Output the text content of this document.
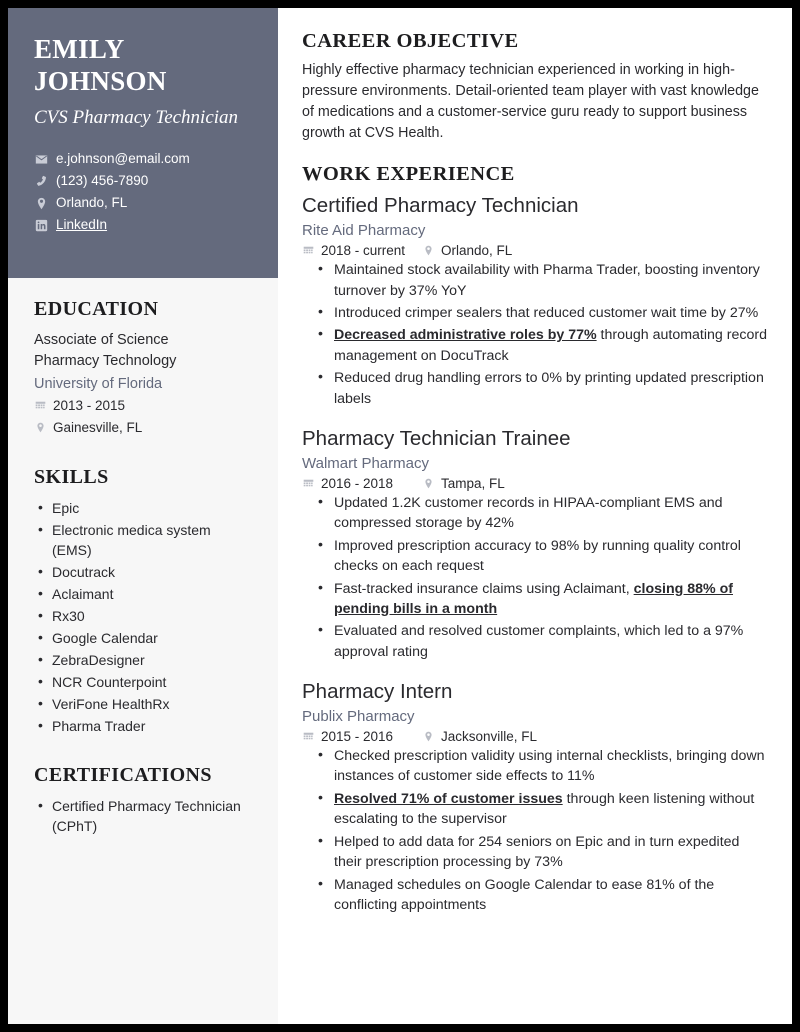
EMILY
JOHNSON
CVS Pharmacy Technician
e.johnson@email.com
(123) 456-7890
Orlando, FL
LinkedIn
EDUCATION
Associate of Science
Pharmacy Technology
University of Florida
2013 - 2015
Gainesville, FL
SKILLS
• Epic
• Electronic medica system (EMS)
• Docutrack
• Aclaimant
• Rx30
• Google Calendar
• ZebraDesigner
• NCR Counterpoint
• VeriFone HealthRx
• Pharma Trader
CERTIFICATIONS
• Certified Pharmacy Technician (CPhT)
CAREER OBJECTIVE

Highly effective pharmacy technician experienced in working in high-pressure environments. Detail-oriented team player with vast knowledge of medications and a customer-service guru ready to support business growth at CVS Health.

WORK EXPERIENCE
Certified Pharmacy Technician
Rite Aid Pharmacy
2018 - current	Orlando, FL
• Maintained stock availability with Pharma Trader, boosting inventory turnover by 37% YoY
• Introduced crimper sealers that reduced customer wait time by 27%
• Decreased administrative roles by 77% through automating record management on DocuTrack
• Reduced drug handling errors to 0% by printing updated prescription labels
Pharmacy Technician Trainee
Walmart Pharmacy
2016 - 2018	Tampa, FL
• Updated 1.2K customer records in HIPAA-compliant EMS and compressed storage by 42%
• Improved prescription accuracy to 98% by running quality control checks on each request
• Fast-tracked insurance claims using Aclaimant, closing 88% of pending bills in a month
• Evaluated and resolved customer complaints, which led to a 97% approval rating
Pharmacy Intern
Publix Pharmacy
2015 - 2016	Jacksonville, FL
• Checked prescription validity using internal checklists, bringing down instances of customer side effects to 11%
• Resolved 71% of customer issues through keen listening without escalating to the supervisor
• Helped to add data for 254 seniors on Epic and in turn expedited their prescription processing by 73%
• Managed schedules on Google Calendar to ease 81% of the conflicting appointments
